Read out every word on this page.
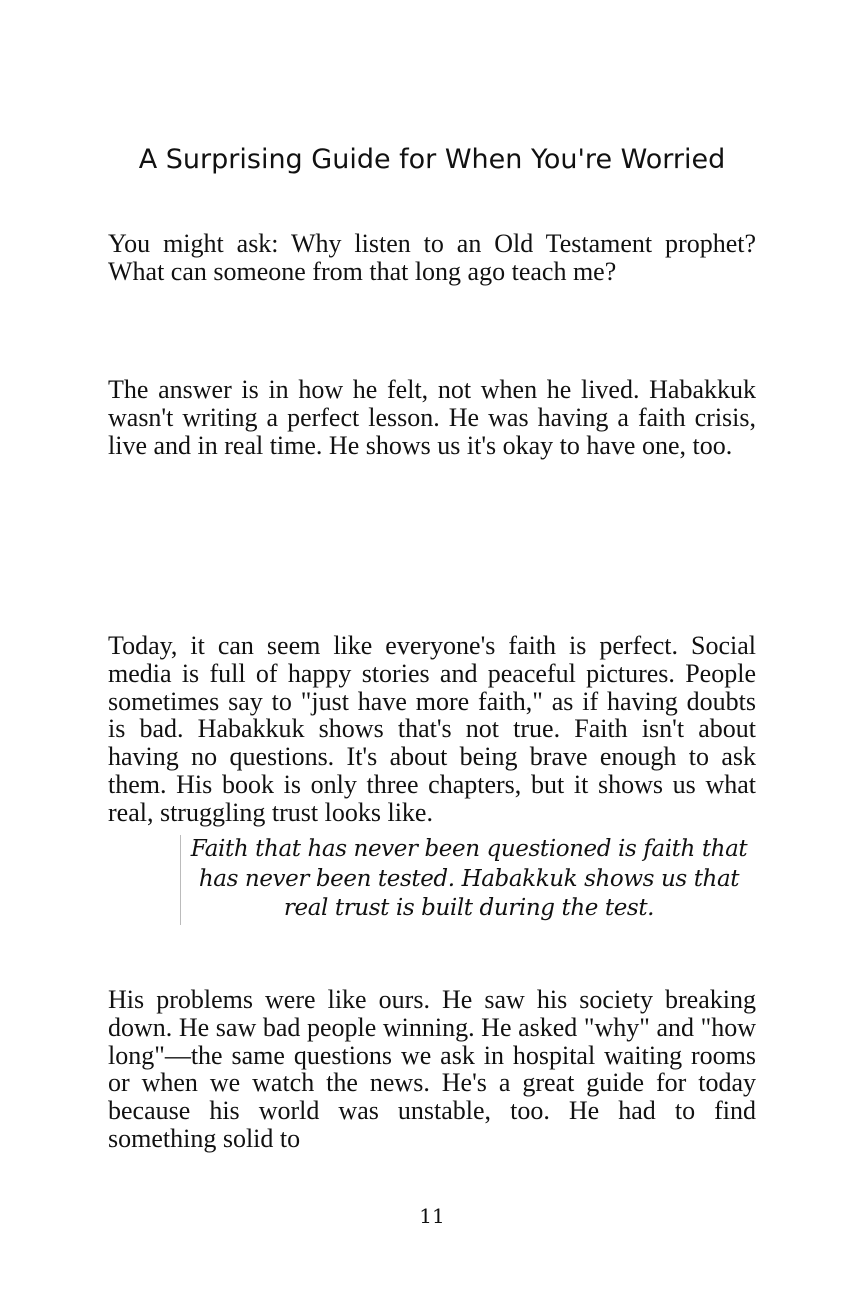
A Surprising Guide for When You're Worried

You might ask: Why listen to an Old Testament prophet? What can someone from that long ago teach me?

The answer is in how he felt, not when he lived. Habakkuk wasn't writing a perfect lesson. He was having a faith crisis, live and in real time. He shows us it's okay to have one, too.

Today, it can seem like everyone's faith is perfect. Social media is full of happy stories and peaceful pictures. People sometimes say to "just have more faith," as if having doubts is bad. Habakkuk shows that's not true. Faith isn't about having no questions. It's about being brave enough to ask them. His book is only three chapters, but it shows us what real, struggling trust looks like.

Faith that has never been questioned is faith that has never been tested. Habakkuk shows us that real trust is built during the test.

His problems were like ours. He saw his society breaking down. He saw bad people winning. He asked "why" and "how long"—the same questions we ask in hospital waiting rooms or when we watch the news. He's a great guide for today because his world was unstable, too. He had to find something solid to

11
